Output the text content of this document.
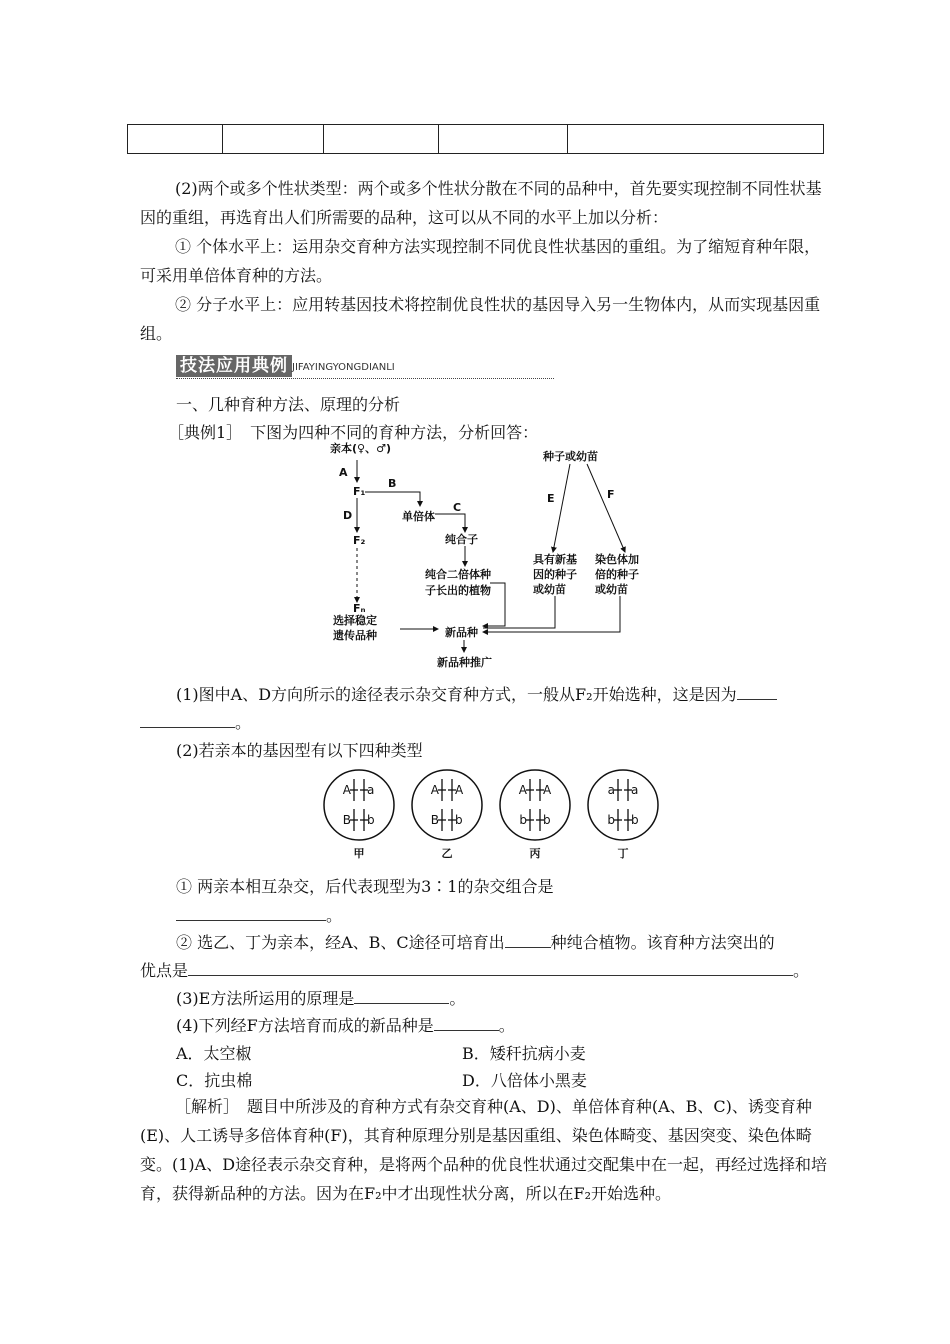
(2)两个或多个性状类型：两个或多个性状分散在不同的品种中，首先要实现控制不同性状基因的重组，再选育出人们所需要的品种，这可以从不同的水平上加以分析：
① 个体水平上：运用杂交育种方法实现控制不同优良性状基因的重组。为了缩短育种年限，可采用单倍体育种的方法。
② 分子水平上：应用转基因技术将控制优良性状的基因导入另一生物体内，从而实现基因重组。
技法应用典例 JIFAYINGYONGDIANLI
一、几种育种方法、原理的分析
［典例1］　下图为四种不同的育种方法，分析回答：
亲本(♀、♂)
A
F₁
B
单倍体
C
D
F₂	纯合子
纯合二倍体种
子长出的植物
Fₙ
选择稳定
遗传品种	新品种
新品种推广
种子或幼苗
E	F
具有新基
因的种子
或幼苗
染色体加
倍的种子
或幼苗
(1)图中A、D方向所示的途径表示杂交育种方式，一般从F₂开始选种，这是因为
。
(2)若亲本的基因型有以下四种类型
A a
B b
甲
A A
B b
乙
A A
b b
丙
a a
b b
丁
① 两亲本相互杂交，后代表现型为3∶1的杂交组合是
。
② 选乙、丁为亲本，经A、B、C途径可培育出	种纯合植物。该育种方法突出的
优点是	。
(3)E方法所运用的原理是	。
(4)下列经F方法培育而成的新品种是	。
A．太空椒	B．矮秆抗病小麦
C．抗虫棉	D．八倍体小黑麦
［解析］　题目中所涉及的育种方式有杂交育种(A、D)、单倍体育种(A、B、C)、诱变育种(E)、人工诱导多倍体育种(F)，其育种原理分别是基因重组、染色体畸变、基因突变、染色体畸变。(1)A、D途径表示杂交育种，是将两个品种的优良性状通过交配集中在一起，再经过选择和培育，获得新品种的方法。因为在F₂中才出现性状分离，所以在F₂开始选种。
